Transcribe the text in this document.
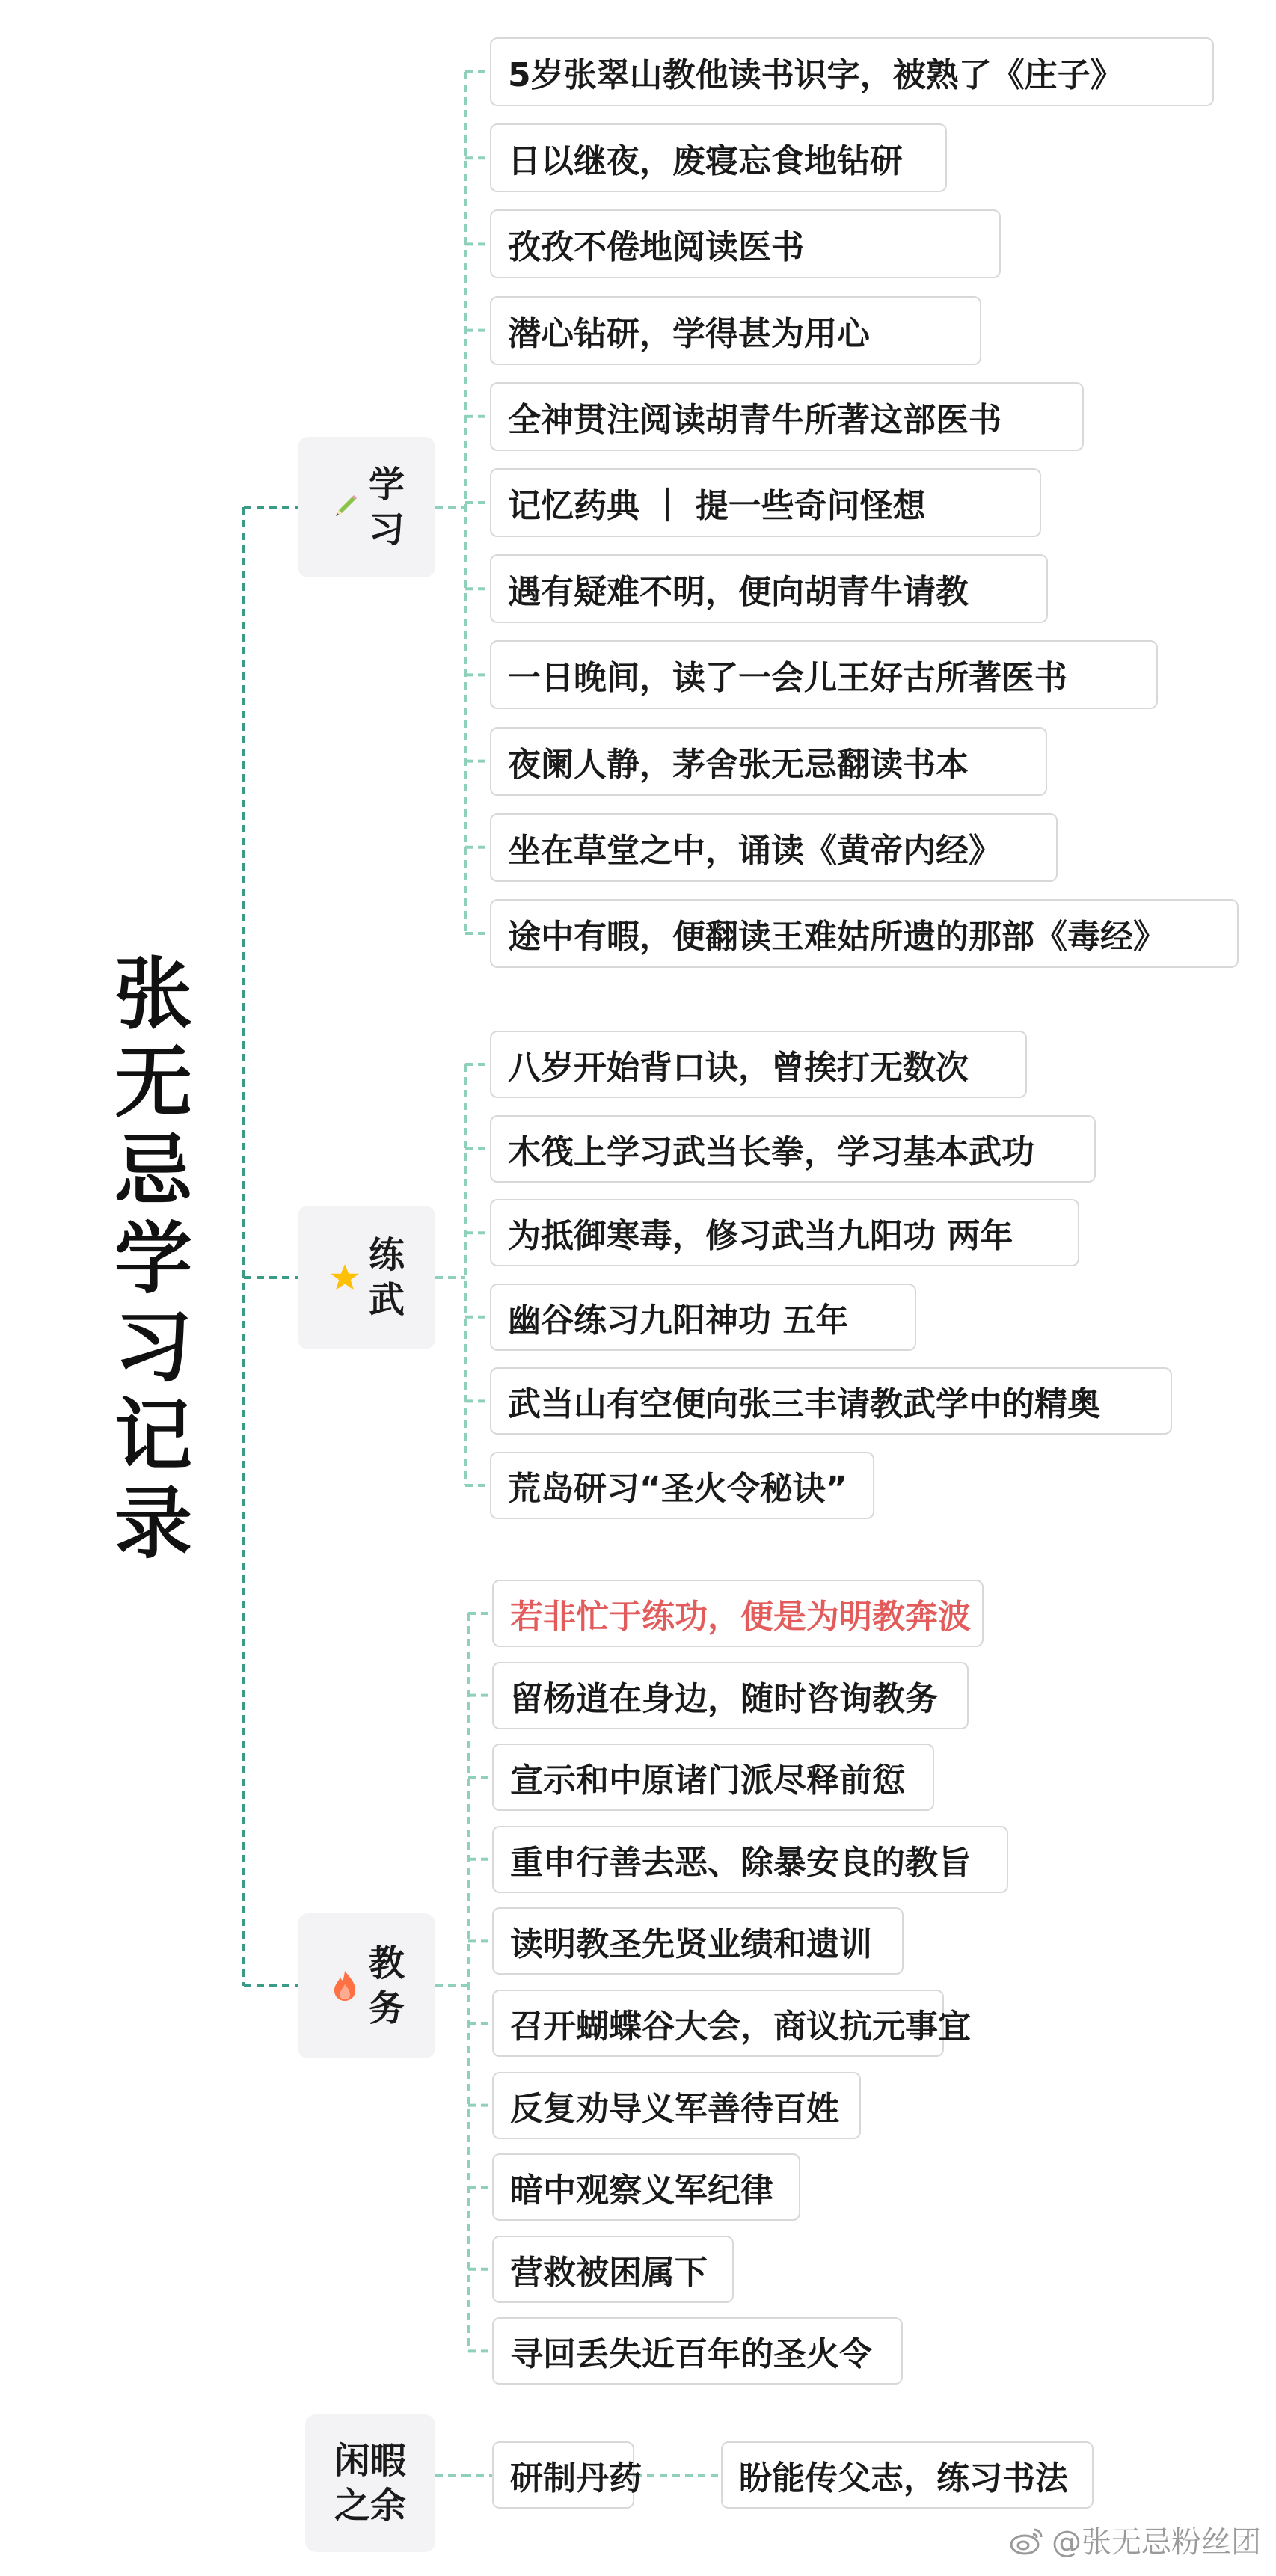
张
无
忌
学
习
记
录
学
习
练
武
教
务
闲暇
之余
5岁张翠山教他读书识字，被熟了《庄子》
日以继夜，废寝忘食地钻研
孜孜不倦地阅读医书
潜心钻研，学得甚为用心
全神贯注阅读胡青牛所著这部医书
记忆药典 ｜ 提一些奇问怪想
遇有疑难不明，便向胡青牛请教
一日晚间，读了一会儿王好古所著医书
夜阑人静，茅舍张无忌翻读书本
坐在草堂之中，诵读《黄帝内经》
途中有暇，便翻读王难姑所遗的那部《毒经》
八岁开始背口诀，曾挨打无数次
木筏上学习武当长拳，学习基本武功
为抵御寒毒，修习武当九阳功 两年
幽谷练习九阳神功 五年
武当山有空便向张三丰请教武学中的精奥
荒岛研习“圣火令秘诀”
若非忙于练功，便是为明教奔波
留杨逍在身边，随时咨询教务
宣示和中原诸门派尽释前愆
重申行善去恶、除暴安良的教旨
读明教圣先贤业绩和遗训
召开蝴蝶谷大会，商议抗元事宜
反复劝导义军善待百姓
暗中观察义军纪律
营救被困属下
寻回丢失近百年的圣火令
研制丹药	盼能传父志，练习书法
@张无忌粉丝团
